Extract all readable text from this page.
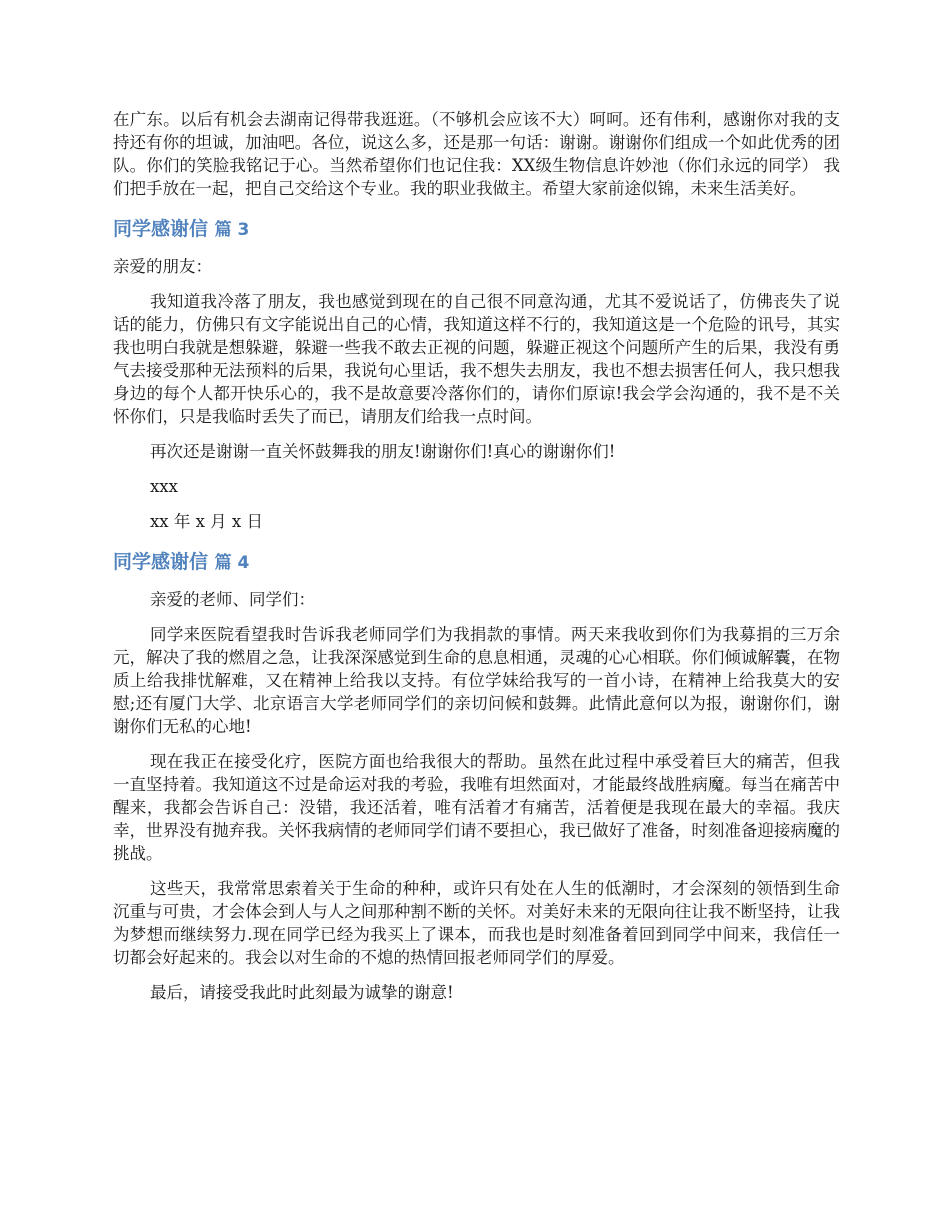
在广东。以后有机会去湖南记得带我逛逛。（不够机会应该不大）呵呵。还有伟利，感谢你对我的支持还有你的坦诚，加油吧。各位，说这么多，还是那一句话：谢谢。谢谢你们组成一个如此优秀的团队。你们的笑脸我铭记于心。当然希望你们也记住我：XX级生物信息许妙池（你们永远的同学） 我们把手放在一起，把自己交给这个专业。我的职业我做主。希望大家前途似锦，未来生活美好。

同学感谢信 篇 3

亲爱的朋友：

我知道我冷落了朋友，我也感觉到现在的自己很不同意沟通，尤其不爱说话了，仿佛丧失了说话的能力，仿佛只有文字能说出自己的心情，我知道这样不行的，我知道这是一个危险的讯号，其实我也明白我就是想躲避，躲避一些我不敢去正视的问题，躲避正视这个问题所产生的后果，我没有勇气去接受那种无法预料的后果，我说句心里话，我不想失去朋友，我也不想去损害任何人，我只想我身边的每个人都开快乐心的，我不是故意要冷落你们的，请你们原谅!我会学会沟通的，我不是不关怀你们，只是我临时丢失了而已，请朋友们给我一点时间。

再次还是谢谢一直关怀鼓舞我的朋友!谢谢你们!真心的谢谢你们!

xxx

xx 年 x 月 x 日

同学感谢信 篇 4

亲爱的老师、同学们：

同学来医院看望我时告诉我老师同学们为我捐款的事情。两天来我收到你们为我募捐的三万余元，解决了我的燃眉之急，让我深深感觉到生命的息息相通，灵魂的心心相联。你们倾诚解囊，在物质上给我排忧解难，又在精神上给我以支持。有位学妹给我写的一首小诗，在精神上给我莫大的安慰;还有厦门大学、北京语言大学老师同学们的亲切问候和鼓舞。此情此意何以为报，谢谢你们，谢谢你们无私的心地!

现在我正在接受化疗，医院方面也给我很大的帮助。虽然在此过程中承受着巨大的痛苦，但我一直坚持着。我知道这不过是命运对我的考验，我唯有坦然面对，才能最终战胜病魔。每当在痛苦中醒来，我都会告诉自己：没错，我还活着，唯有活着才有痛苦，活着便是我现在最大的幸福。我庆幸，世界没有抛弃我。关怀我病情的老师同学们请不要担心，我已做好了准备，时刻准备迎接病魔的挑战。

这些天，我常常思索着关于生命的种种，或许只有处在人生的低潮时，才会深刻的领悟到生命沉重与可贵，才会体会到人与人之间那种割不断的关怀。对美好未来的无限向往让我不断坚持，让我为梦想而继续努力.现在同学已经为我买上了课本，而我也是时刻准备着回到同学中间来，我信任一切都会好起来的。我会以对生命的不熄的热情回报老师同学们的厚爱。

最后，请接受我此时此刻最为诚挚的谢意!
